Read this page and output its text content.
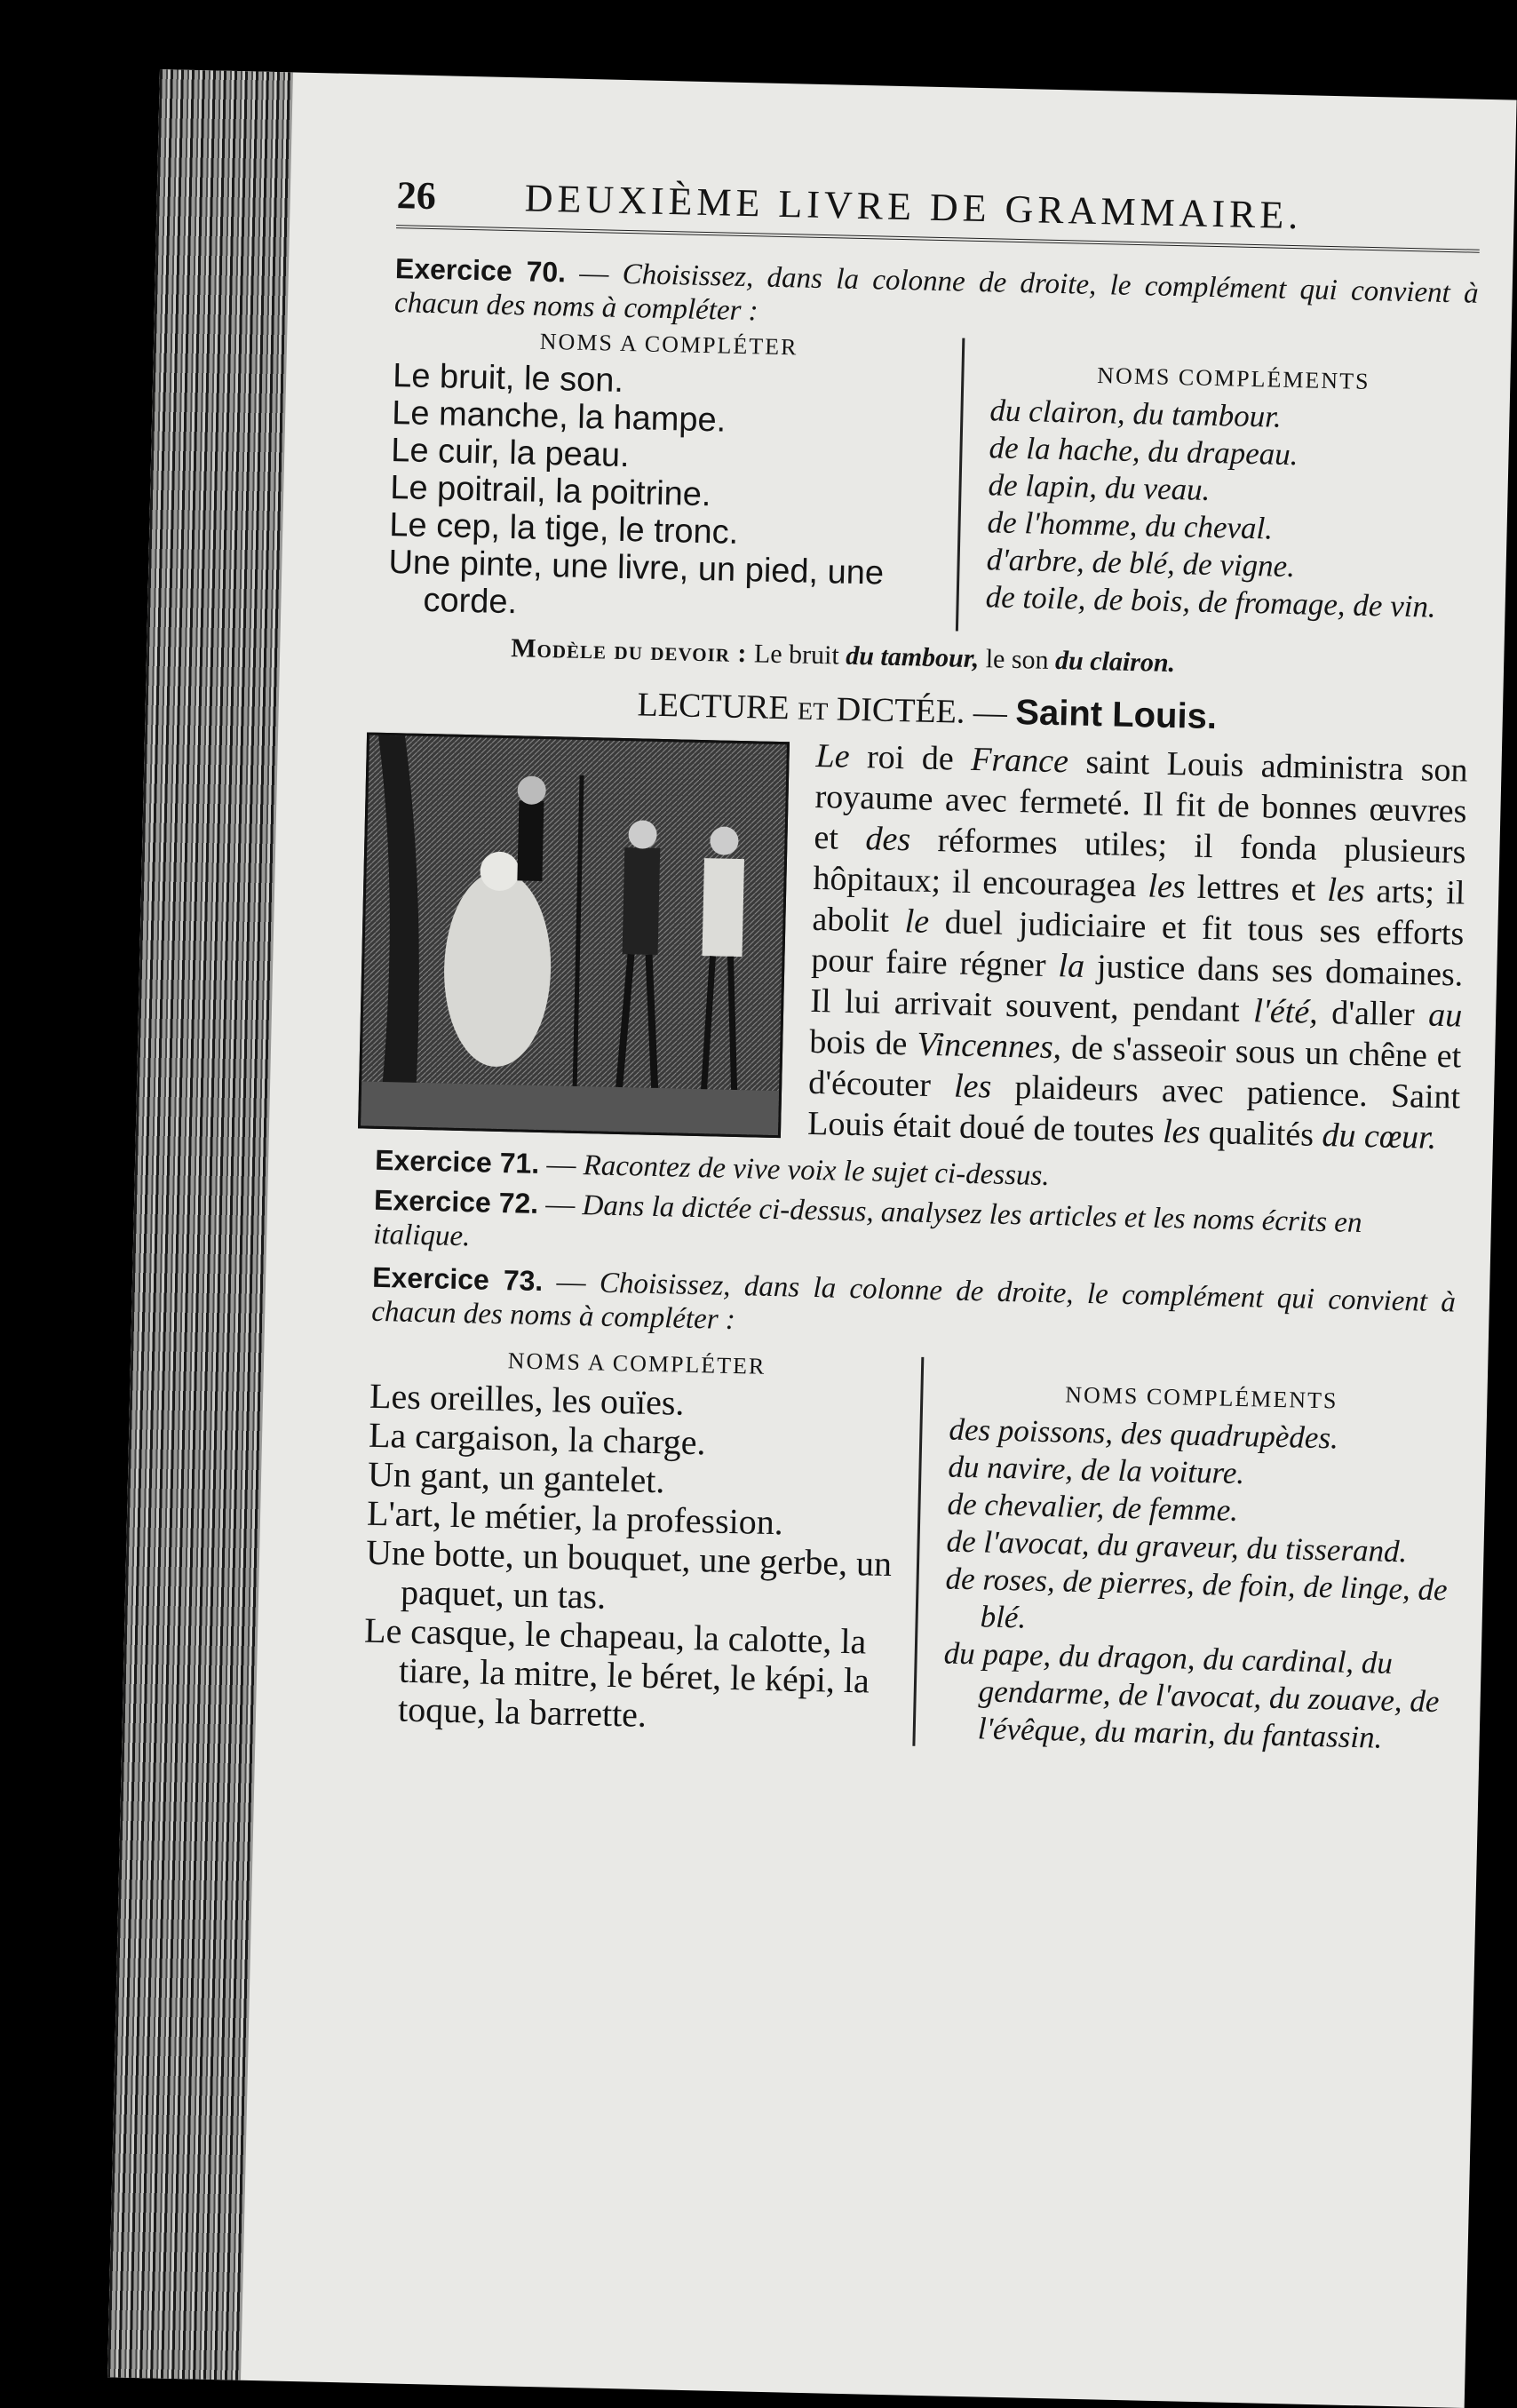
26 DEUXIÈME LIVRE DE GRAMMAIRE.
Exercice 70. — Choisissez, dans la colonne de droite, le complément qui convient à chacun des noms à compléter :
NOMS A COMPLÉTER
Le bruit, le son.
Le manche, la hampe.
Le cuir, la peau.
Le poitrail, la poitrine.
Le cep, la tige, le tronc.
Une pinte, une livre, un pied, une corde.
NOMS COMPLÉMENTS
du clairon, du tambour.
de la hache, du drapeau.
de lapin, du veau.
de l'homme, du cheval.
d'arbre, de blé, de vigne.
de toile, de bois, de fromage, de vin.
Modèle du devoir : Le bruit du tambour, le son du clairon.
LECTURE ET DICTÉE. — Saint Louis.
Le roi de France saint Louis administra son royaume avec fermeté. Il fit de bonnes œuvres et des réformes utiles; il fonda plusieurs hôpitaux; il encouragea les lettres et les arts; il abolit le duel judiciaire et fit tous ses efforts pour faire régner la justice dans ses domaines. Il lui arrivait souvent, pendant l'été, d'aller au bois de Vincennes, de s'asseoir sous un chêne et d'écouter les plaideurs avec patience. Saint Louis était doué de toutes les qualités du cœur.
Exercice 71. — Racontez de vive voix le sujet ci-dessus.
Exercice 72. — Dans la dictée ci-dessus, analysez les articles et les noms écrits en italique.
Exercice 73. — Choisissez, dans la colonne de droite, le complément qui convient à chacun des noms à compléter :
NOMS A COMPLÉTER
Les oreilles, les ouïes.
La cargaison, la charge.
Un gant, un gantelet.
L'art, le métier, la profession.
Une botte, un bouquet, une gerbe, un paquet, un tas.
Le casque, le chapeau, la calotte, la tiare, la mitre, le béret, le képi, la toque, la barrette.
NOMS COMPLÉMENTS
des poissons, des quadrupèdes.
du navire, de la voiture.
de chevalier, de femme.
de l'avocat, du graveur, du tisserand.
de roses, de pierres, de foin, de linge, de blé.
du pape, du dragon, du cardinal, du gendarme, de l'avocat, du zouave, de l'évêque, du marin, du fantassin.
